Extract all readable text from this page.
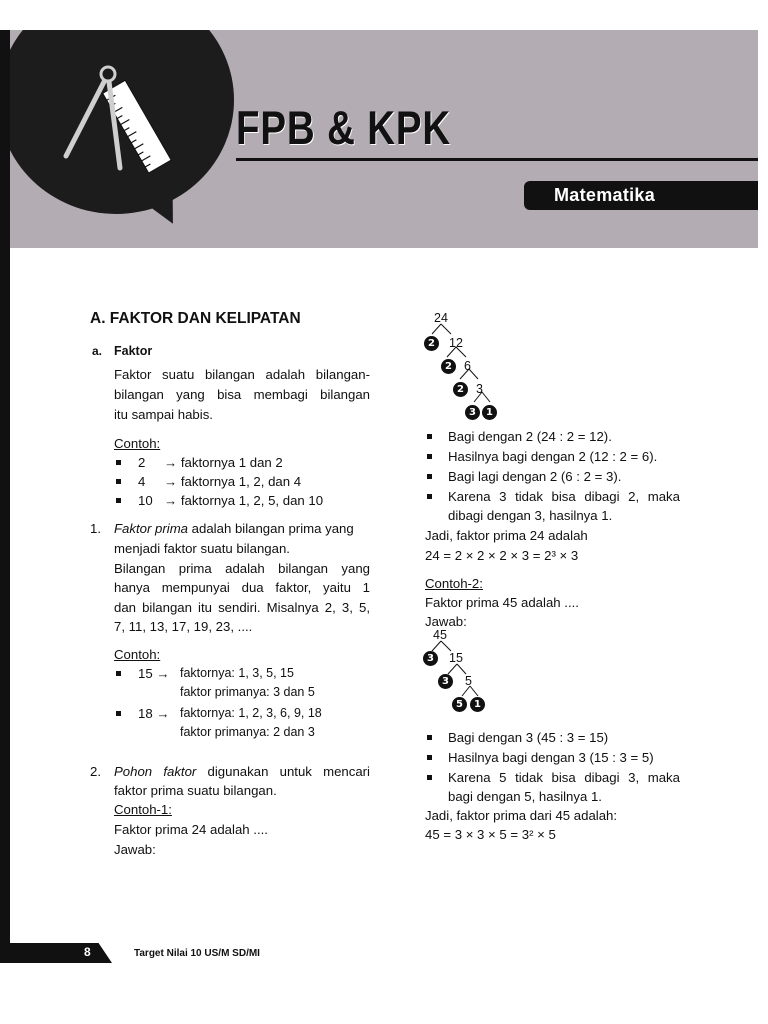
FPB & KPK
Matematika
A. FAKTOR DAN KELIPATAN
a. Faktor
Faktor suatu bilangan adalah bilangan-
bilangan yang bisa membagi bilangan
itu sampai habis.
Contoh:
2 → faktornya 1 dan 2
4 → faktornya 1, 2, dan 4
10 → faktornya 1, 2, 5, dan 10
1. Faktor prima adalah bilangan prima yang
menjadi faktor suatu bilangan.
Bilangan prima adalah bilangan yang
hanya mempunyai dua faktor, yaitu 1
dan bilangan itu sendiri. Misalnya 2, 3, 5,
7, 11, 13, 17, 19, 23, ....
Contoh:
15 → faktornya: 1, 3, 5, 15
faktor primanya: 3 dan 5
18 → faktornya: 1, 2, 3, 6, 9, 18
faktor primanya: 2 dan 3
2. Pohon faktor digunakan untuk mencari
faktor prima suatu bilangan.
Contoh-1:
Faktor prima 24 adalah ....
Jawab:
24
2	12
2 6
2 3
3	1
Bagi dengan 2 (24 : 2 = 12).
Hasilnya bagi dengan 2 (12 : 2 = 6).
Bagi lagi dengan 2 (6 : 2 = 3).
Karena 3 tidak bisa dibagi 2, maka
dibagi dengan 3, hasilnya 1.
Jadi, faktor prima 24 adalah
24 = 2 × 2 × 2 × 3 = 2³ × 3
Contoh-2:
Faktor prima 45 adalah ....
Jawab:
45
3	15
3	5
5	1
Bagi dengan 3 (45 : 3 = 15)
Hasilnya bagi dengan 3 (15 : 3 = 5)
Karena 5 tidak bisa dibagi 3, maka
bagi dengan 5, hasilnya 1.
Jadi, faktor prima dari 45 adalah:
45 = 3 × 3 × 5 = 3² × 5
8	Target Nilai 10 US/M SD/MI
